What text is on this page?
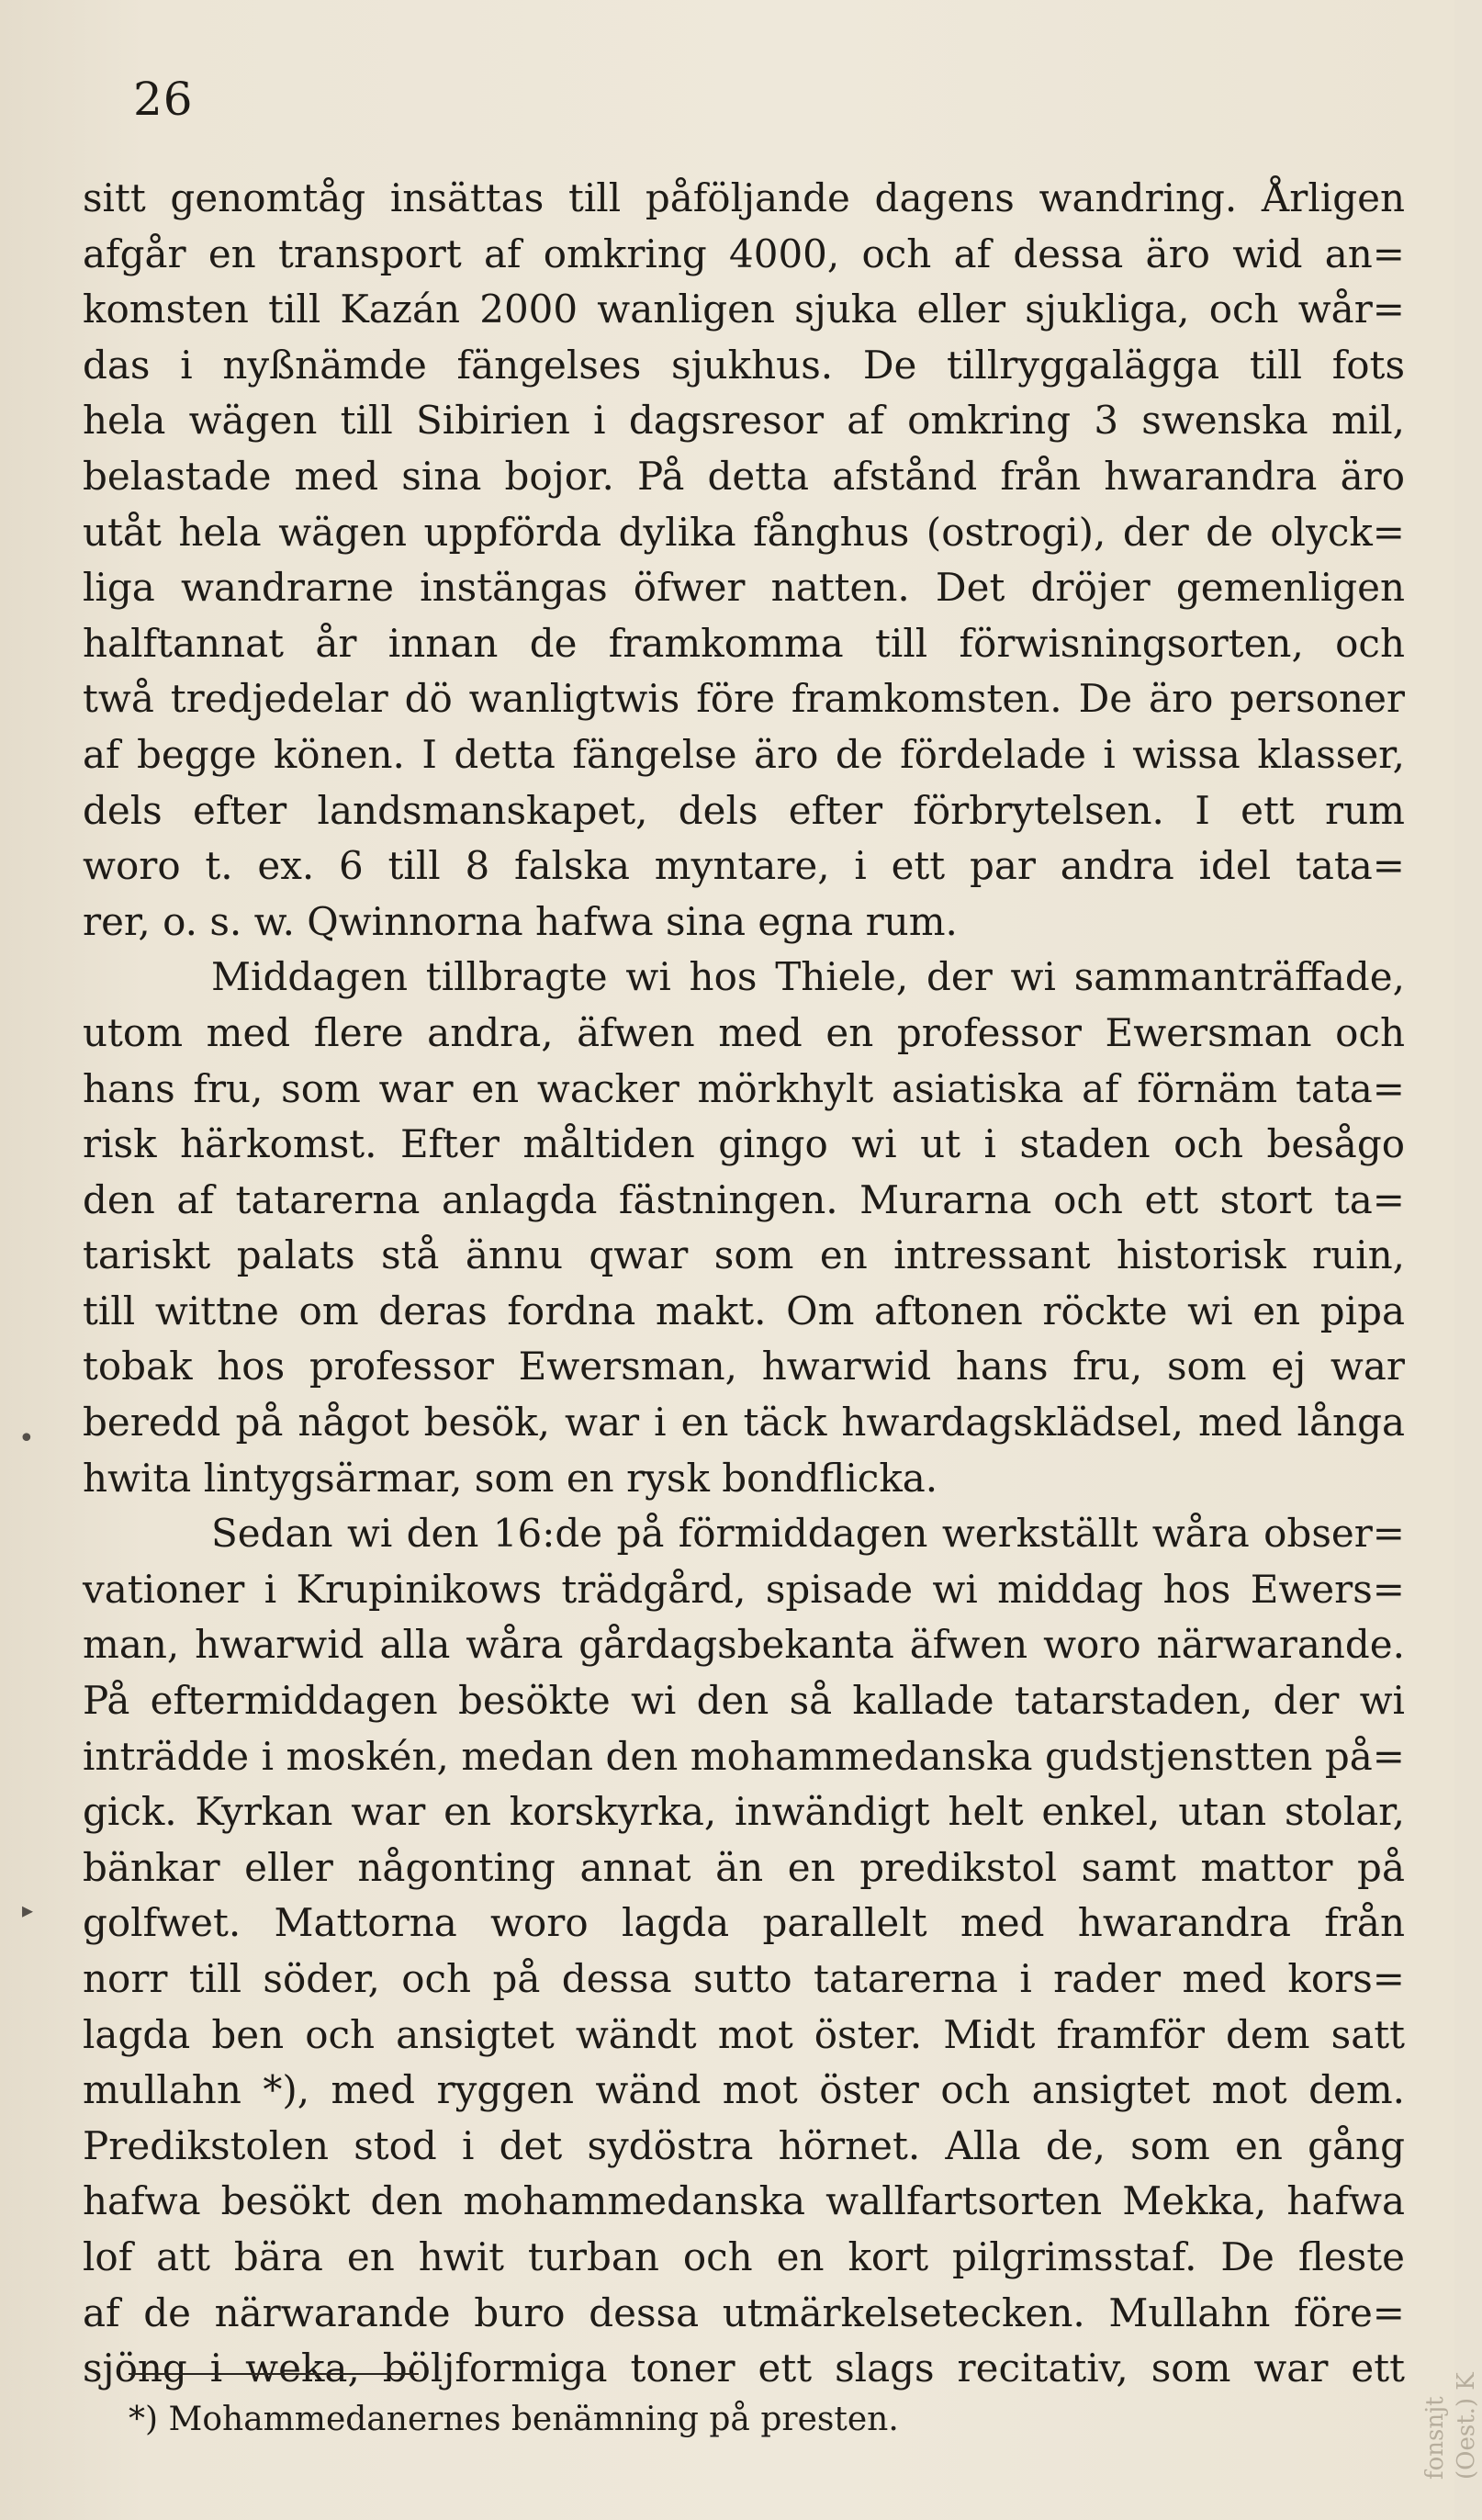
26
sitt genomtåg insättas till påföljande dagens wandring. Årligen
afgår en transport af omkring 4000, och af dessa äro wid an=
komsten till Kazán 2000 wanligen sjuka eller sjukliga, och wår=
das i nyßnämde fängelses sjukhus. De tillryggalägga till fots
hela wägen till Sibirien i dagsresor af omkring 3 swenska mil,
belastade med sina bojor. På detta afstånd från hwarandra äro
utåt hela wägen uppförda dylika fånghus (ostrogi), der de olyck=
liga wandrarne instängas öfwer natten. Det dröjer gemenligen
halftannat år innan de framkomma till förwisningsorten, och
twå tredjedelar dö wanligtwis före framkomsten. De äro personer
af begge könen. I detta fängelse äro de fördelade i wissa klasser,
dels efter landsmanskapet, dels efter förbrytelsen. I ett rum
woro t. ex. 6 till 8 falska myntare, i ett par andra idel tata=
rer, o. s. w. Qwinnorna hafwa sina egna rum.
Middagen tillbragte wi hos Thiele, der wi sammanträffade,
utom med flere andra, äfwen med en professor Ewersman och
hans fru, som war en wacker mörkhylt asiatiska af förnäm tata=
risk härkomst. Efter måltiden gingo wi ut i staden och besågo
den af tatarerna anlagda fästningen. Murarna och ett stort ta=
tariskt palats stå ännu qwar som en intressant historisk ruin,
till wittne om deras fordna makt. Om aftonen röckte wi en pipa
tobak hos professor Ewersman, hwarwid hans fru, som ej war
beredd på något besök, war i en täck hwardagsklädsel, med långa
hwita lintygsärmar, som en rysk bondflicka.
Sedan wi den 16:de på förmiddagen werkställt wåra obser=
vationer i Krupinikows trädgård, spisade wi middag hos Ewers=
man, hwarwid alla wåra gårdagsbekanta äfwen woro närwarande.
På eftermiddagen besökte wi den så kallade tatarstaden, der wi
inträdde i moskén, medan den mohammedanska gudstjenstten på=
gick. Kyrkan war en korskyrka, inwändigt helt enkel, utan stolar,
bänkar eller någonting annat än en predikstol samt mattor på
golfwet. Mattorna woro lagda parallelt med hwarandra från
norr till söder, och på dessa sutto tatarerna i rader med kors=
lagda ben och ansigtet wändt mot öster. Midt framför dem satt
mullahn *), med ryggen wänd mot öster och ansigtet mot dem.
Predikstolen stod i det sydöstra hörnet. Alla de, som en gång
hafwa besökt den mohammedanska wallfartsorten Mekka, hafwa
lof att bära en hwit turban och en kort pilgrimsstaf. De fleste
af de närwarande buro dessa utmärkelsetecken. Mullahn före=
sjöng i weka, böljformiga toner ett slags recitativ, som war ett
*) Mohammedanernes benämning på presten.
•
▸
fonsnjt (Oest.) K
